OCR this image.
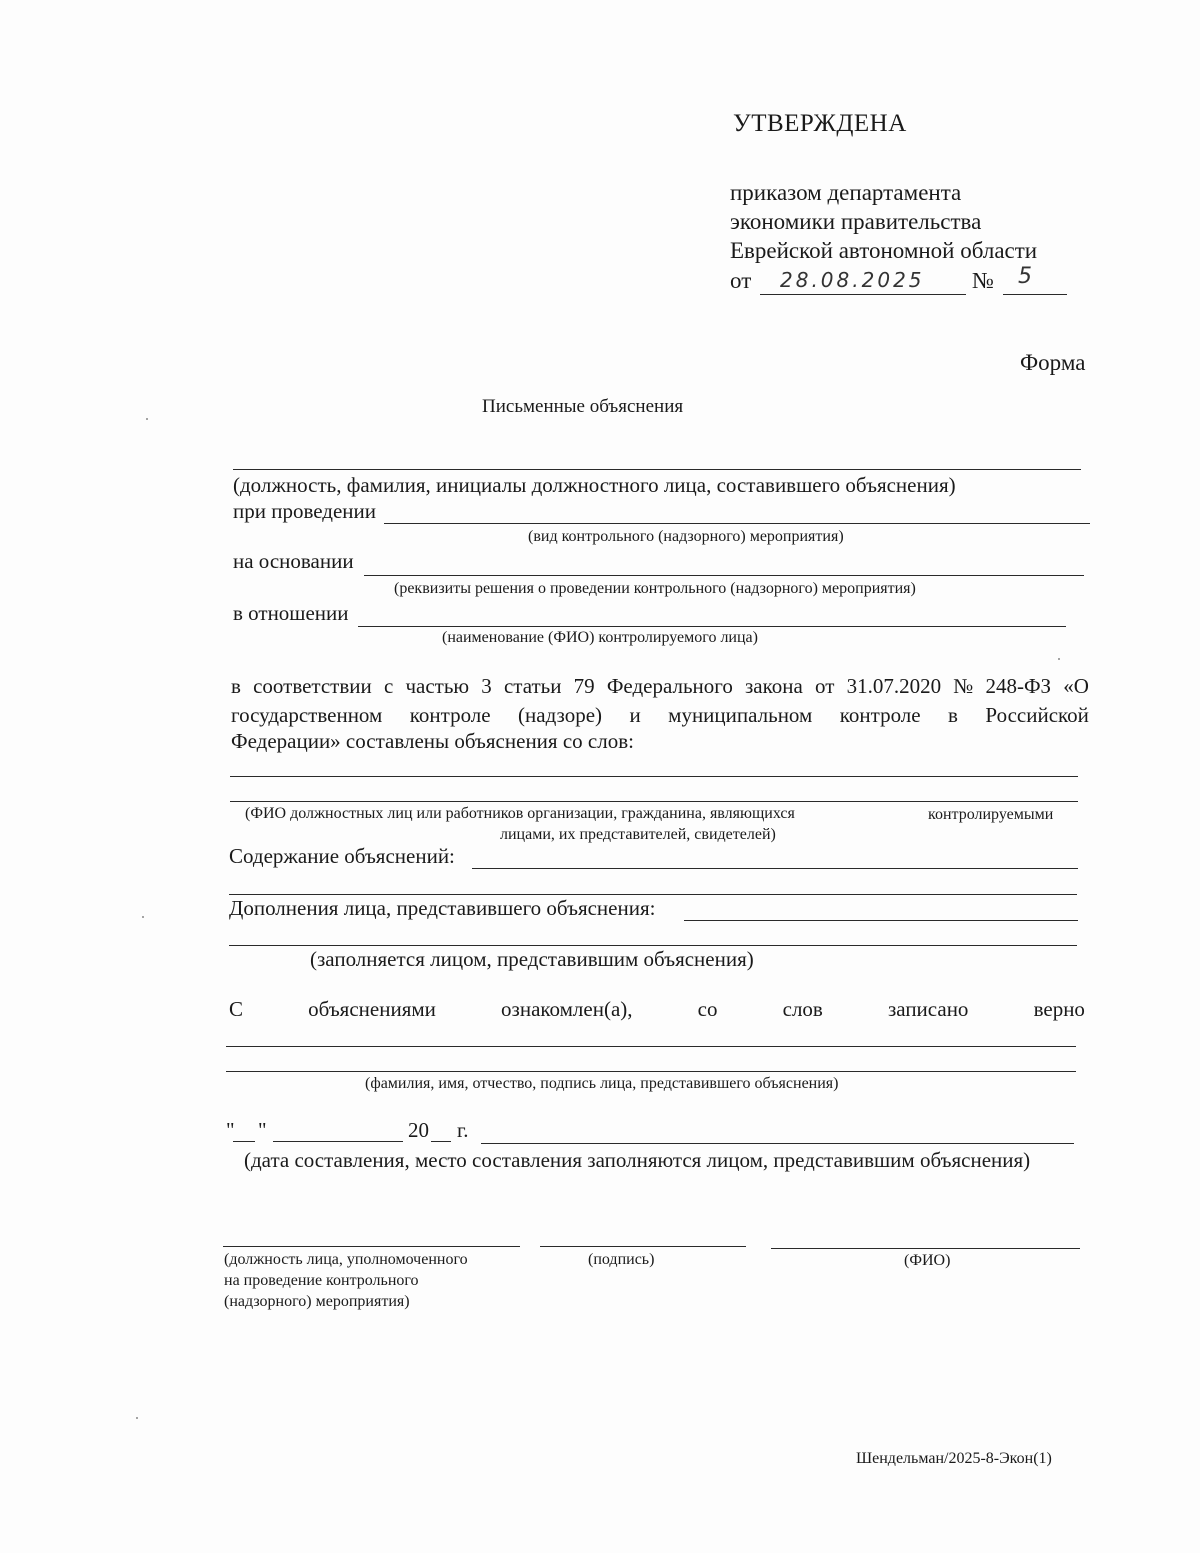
УТВЕРЖДЕНА
приказом департамента
экономики правительства
Еврейской автономной области
от 28.08.2025 № 5
Форма
Письменные объяснения
(должность, фамилия, инициалы должностного лица, составившего объяснения)
при проведении
(вид контрольного (надзорного) мероприятия)
на основании
(реквизиты решения о проведении контрольного (надзорного) мероприятия)
в отношении
(наименование (ФИО) контролируемого лица)
в соответствии с частью 3 статьи 79 Федерального закона от 31.07.2020 № 248-ФЗ «О
государственном контроле (надзоре) и муниципальном контроле в Российской
Федерации» составлены объяснения со слов:
(ФИО должностных лиц или работников организации, гражданина, являющихся	контролируемыми
лицами, их представителей, свидетелей)
Содержание объяснений:
Дополнения лица, представившего объяснения:
(заполняется лицом, представившим объяснения)
С	объяснениями	ознакомлен(а),	со	слов	записано	верно
(фамилия, имя, отчество, подпись лица, представившего объяснения)
" "	20 г.
(дата составления, место составления заполняются лицом, представившим объяснения)
(должность лица, уполномоченного
на проведение контрольного
(надзорного) мероприятия)
(подпись)	(ФИО)
Шендельман/2025-8-Экон(1)
